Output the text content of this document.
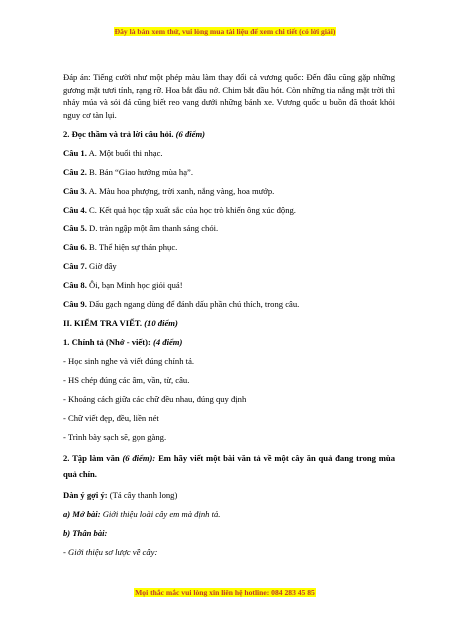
Đây là bản xem thử, vui lòng mua tài liệu để xem chi tiết (có lời giải)

Đáp án: Tiếng cười như một phép màu làm thay đổi cả vương quốc: Đến đâu cũng gặp những gương mặt tươi tỉnh, rạng rỡ. Hoa bắt đầu nở. Chim bắt đầu hót. Còn những tia nắng mặt trời thì nhảy múa và sỏi đá cũng biết reo vang dưới những bánh xe. Vương quốc u buồn đã thoát khỏi nguy cơ tàn lụi.

2. Đọc thầm và trả lời câu hỏi. (6 điểm)

Câu 1. A. Một buổi thi nhạc.

Câu 2. B. Bản “Giao hưởng mùa hạ”.

Câu 3. A. Màu hoa phượng, trời xanh, nắng vàng, hoa mướp.

Câu 4. C. Kết quả học tập xuất sắc của học trò khiến ông xúc động.

Câu 5. D. tràn ngập một âm thanh sáng chói.

Câu 6. B. Thể hiện sự thán phục.

Câu 7. Giờ đây

Câu 8. Ôi, bạn Minh học giỏi quá!

Câu 9. Dấu gạch ngang dùng để đánh dấu phần chú thích, trong câu.

II. KIỂM TRA VIẾT. (10 điểm)

1. Chính tả (Nhớ - viết): (4 điểm)

- Học sinh nghe và viết đúng chính tả.

- HS chép đúng các âm, vần, từ, câu.

- Khoảng cách giữa các chữ đều nhau, đúng quy định

- Chữ viết đẹp, đều, liền nét

- Trình bày sạch sẽ, gọn gàng.

2. Tập làm văn (6 điểm): Em hãy viết một bài văn tả về một cây ăn quả đang trong mùa quả chín.

Dàn ý gợi ý: (Tả cây thanh long)

a) Mở bài: Giới thiệu loài cây em mà định tả.

b) Thân bài:

- Giới thiệu sơ lược về cây:

Mọi thắc mắc vui lòng xin liên hệ hotline: 084 283 45 85
